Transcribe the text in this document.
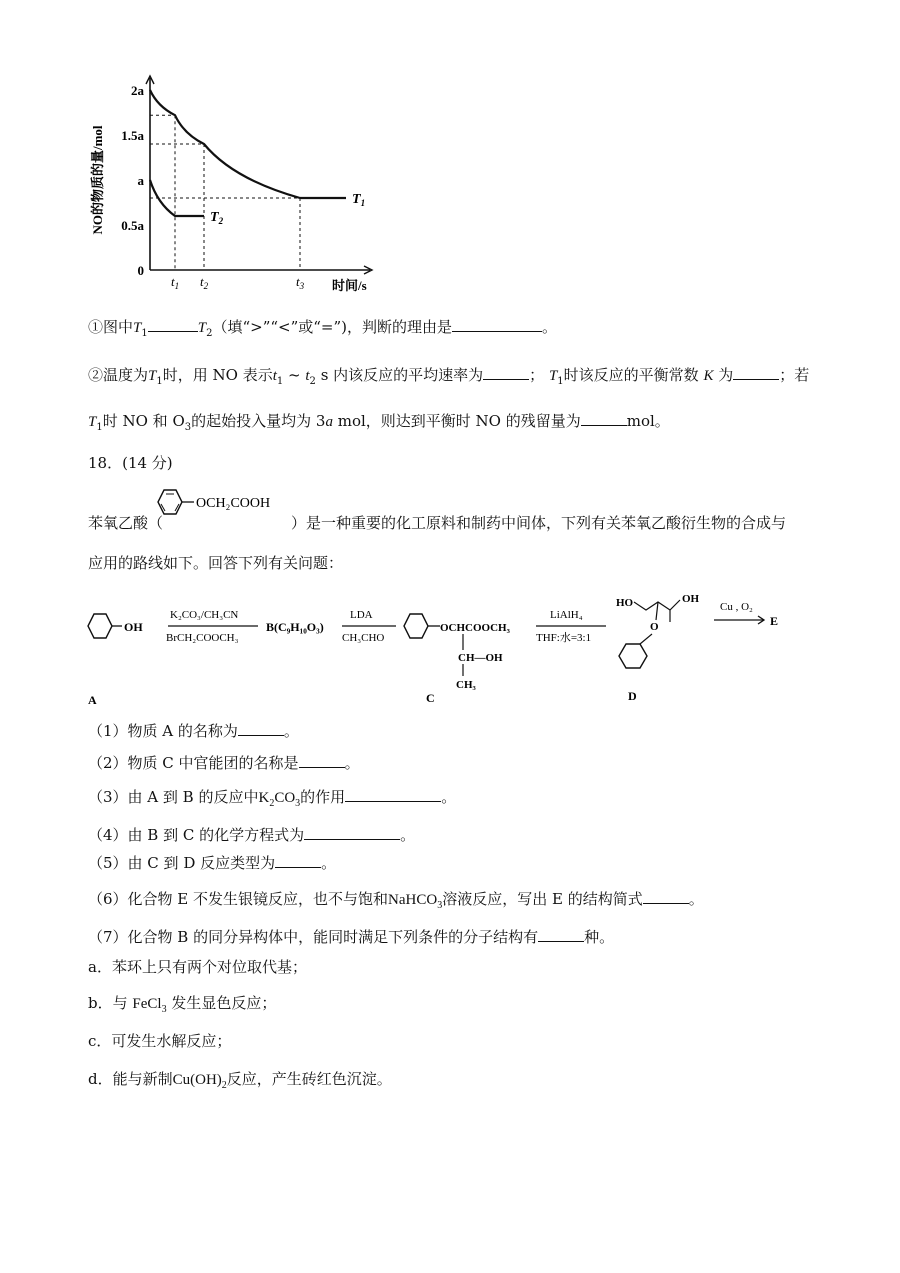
2a
1.5a
a
0.5a
0
NO的物质的量/mol
$t_1$ $t_2$	$t_3$ 时间/s
$T_1$
$T_2$
①图中$T_1$	$T_2$（填“>”“<”或“=”)，判断的理由是	。
②温度为$T_1$时，用 NO 表示$t_1$ ~ $t_2$ s 内该反应的平均速率为	； $T_1$时该反应的平衡常数 K 为	；若
$T_1$时 NO 和 $O_3$的起始投入量均为 3a mol，则达到平衡时 NO 的残留量为	mol。
18．(14 分)
OCH₂COOH
苯氧乙酸（	）是一种重要的化工原料和制药中间体，下列有关苯氧乙酸衍生物的合成与
应用的路线如下。回答下列有关问题：
OH
K₂CO₃/CH₃CN
BrCH₂COOCH₃
B(C₉H₁₀O₃)
LDA
CH₃CHO
OCHCOOCH₃
CH—OH
CH₃
LiAlH₄
THF:水=3:1
HO	OH
O
Cu , O₂
E
A	C	D
（1）物质 A 的名称为	。
（2）物质 C 中官能团的名称是	。
（3）由 A 到 B 的反应中$K_2CO_3$的作用	。
（4）由 B 到 C 的化学方程式为	。
（5）由 C 到 D 反应类型为	。
（6）化合物 E 不发生银镜反应，也不与饱和NaHCO$_3$溶液反应，写出 E 的结构简式	。
（7）化合物 B 的同分异构体中，能同时满足下列条件的分子结构有	种。
a．苯环上只有两个对位取代基；
b．与 FeCl$_3$ 发生显色反应；
c．可发生水解反应；
d．能与新制$Cu(OH)_2$反应，产生砖红色沉淀。
